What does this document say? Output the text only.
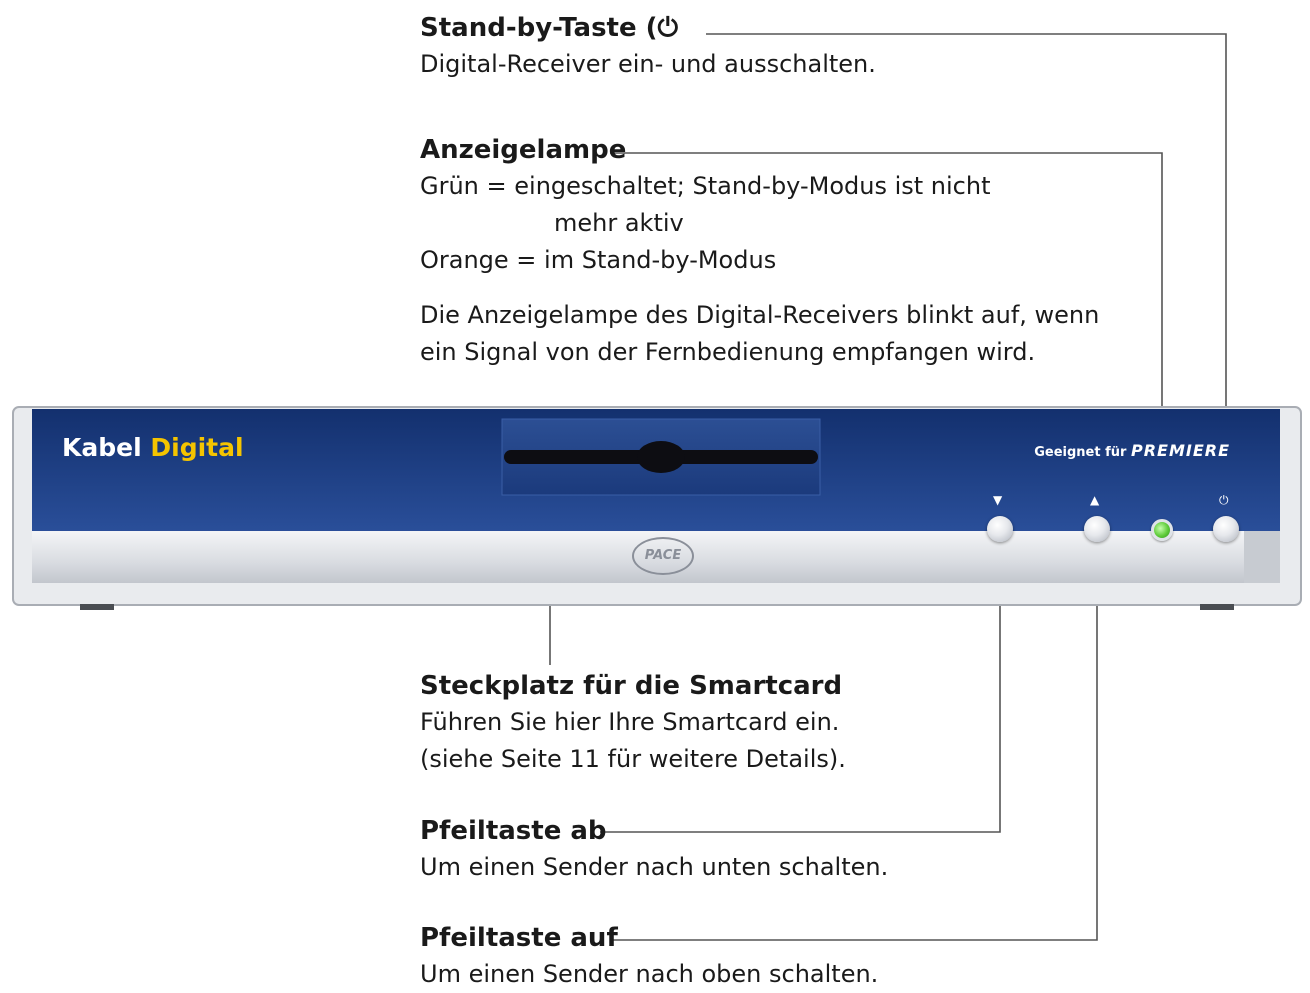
Stand-by-Taste (⏻
Digital-Receiver ein- und ausschalten.
Anzeigelampe
Grün = eingeschaltet; Stand-by-Modus ist nicht
mehr aktiv
Orange = im Stand-by-Modus
Die Anzeigelampe des Digital-Receivers blinkt auf, wenn
ein Signal von der Fernbedienung empfangen wird.
Kabel Digital	Geeignet für PREMIERE
PACE
▼	▲	⏻
Steckplatz für die Smartcard
Führen Sie hier Ihre Smartcard ein.
(siehe Seite 11 für weitere Details).
Pfeiltaste ab
Um einen Sender nach unten schalten.
Pfeiltaste auf
Um einen Sender nach oben schalten.
